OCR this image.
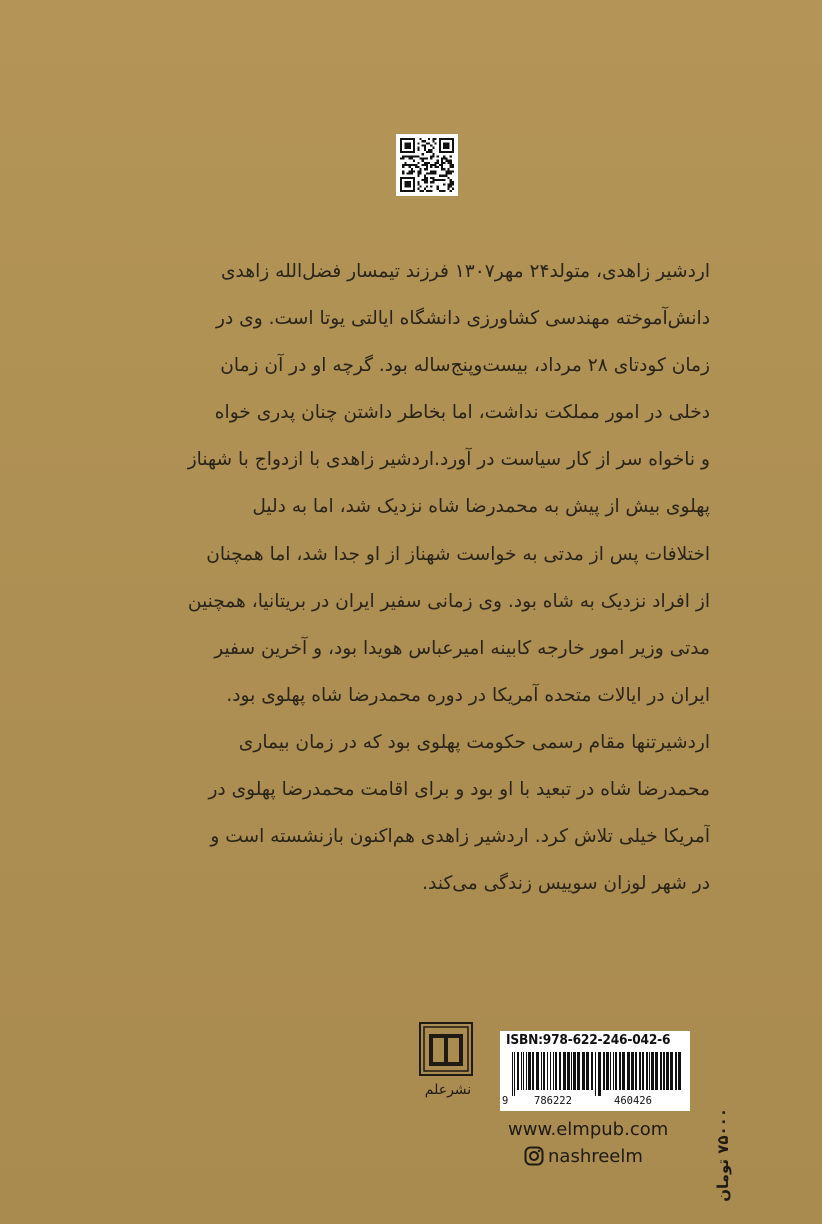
اردشیر زاهدی، متولد۲۴ مهر۱۳۰۷ فرزند تیمسار فضل‌الله زاهدی
دانش‌آموخته مهندسی کشاورزی دانشگاه ایالتی یوتا است. وی در
زمان کودتای ۲۸ مرداد، بیست‌وپنج‌ساله بود. گرچه او در آن زمان
دخلی در امور مملکت نداشت، اما بخاطر داشتن چنان پدری خواه
و ناخواه سر از کار سیاست در آورد.اردشیر زاهدی با ازدواج با شهناز
پهلوی بیش از پیش به محمدرضا شاه نزدیک شد، اما به دلیل
اختلافات پس از مدتی به خواست شهناز از او جدا شد، اما همچنان
از افراد نزدیک به شاه بود. وی زمانی سفیر ایران در بریتانیا، همچنین
مدتی وزیر امور خارجه کابینه امیرعباس هویدا بود، و آخرین سفیر
ایران در ایالات متحده آمریکا در دوره محمدرضا شاه پهلوی بود.
اردشیرتنها مقام رسمی حکومت پهلوی بود که در زمان بیماری
محمدرضا شاه در تبعید با او بود و برای اقامت محمدرضا پهلوی در
آمریکا خیلی تلاش کرد. اردشیر زاهدی هم‌اکنون بازنشسته است و
در شهر لوزان سوییس زندگی می‌کند.

نشرعلم
ISBN:978-622-246-042-6
9 786222	460426
۷۵۰۰۰ تومان
www.elmpub.com
nashreelm
